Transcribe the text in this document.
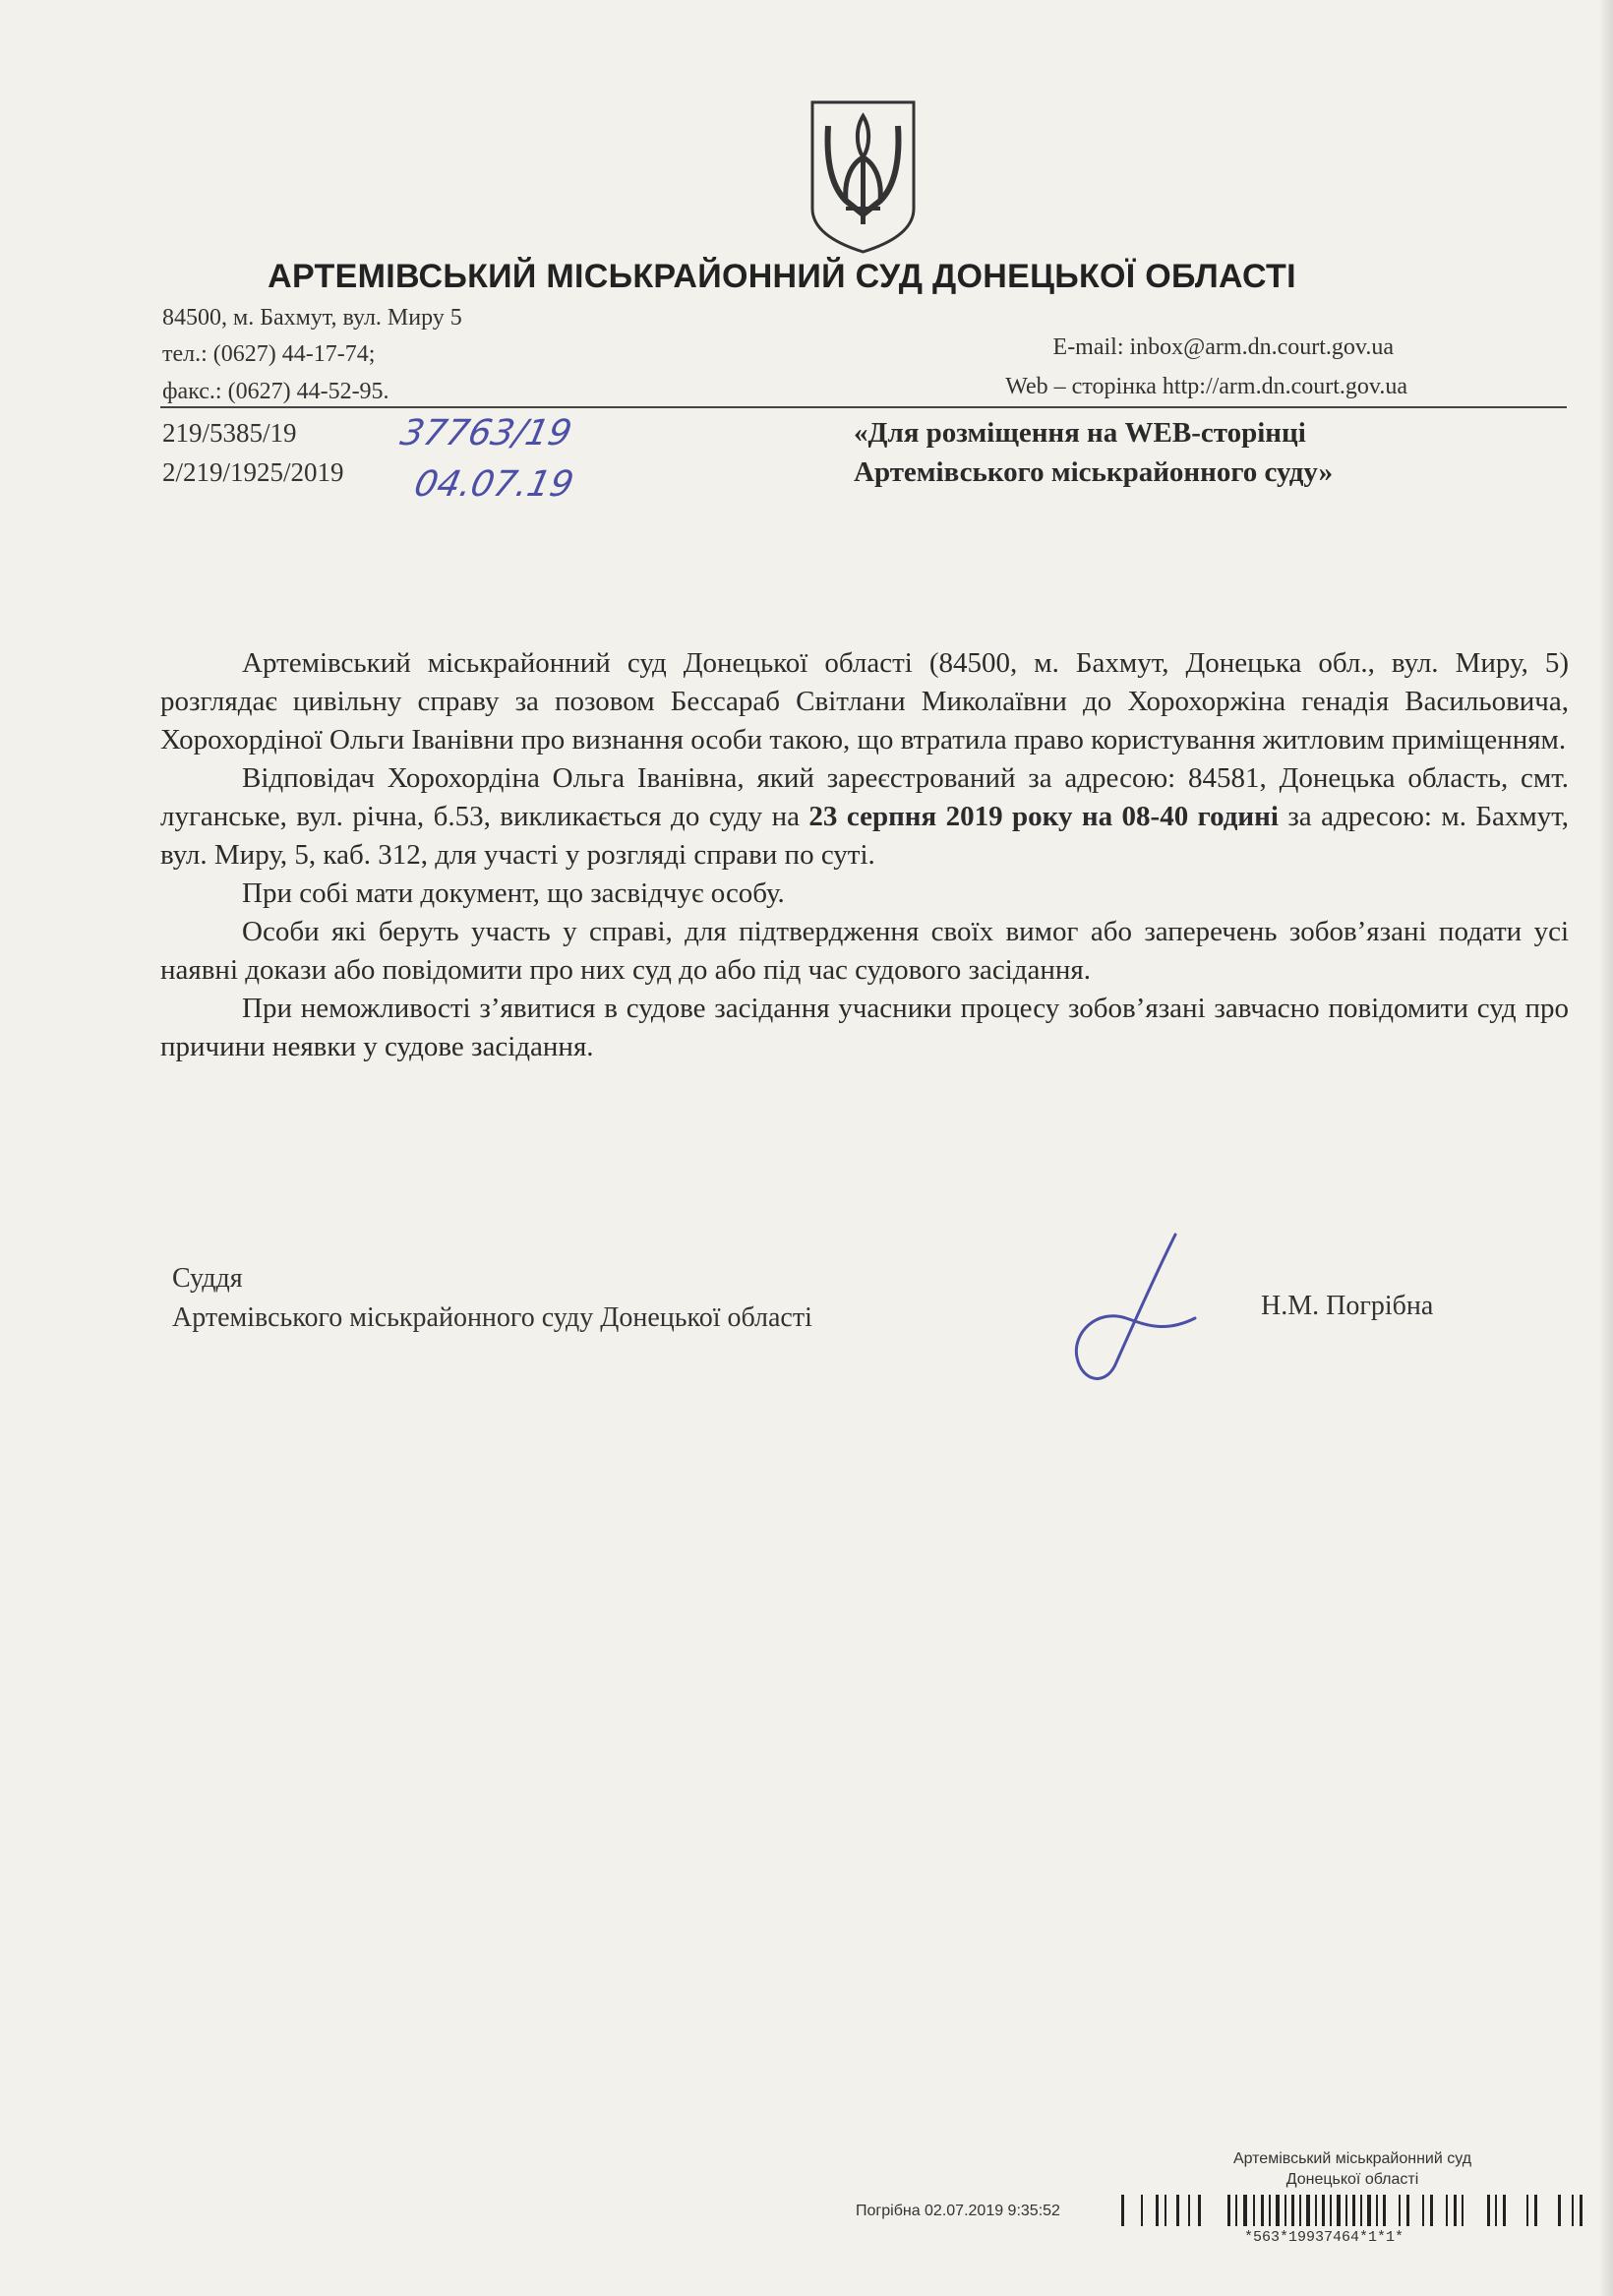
АРТЕМІВСЬКИЙ МІСЬКРАЙОННИЙ СУД ДОНЕЦЬКОЇ ОБЛАСТІ
84500, м. Бахмут, вул. Миру 5
тел.: (0627) 44-17-74;
факс.: (0627) 44-52-95.
E-mail: inbox@arm.dn.court.gov.ua
Web – сторінка http://arm.dn.court.gov.ua
219/5385/19
2/219/1925/2019
37763/19
04.07.19
«Для розміщення на WEB-сторінці
Артемівського міськрайонного суду»

Артемівський міськрайонний суд Донецької області (84500, м. Бахмут, Донецька обл., вул. Миру, 5) розглядає цивільну справу за позовом Бессараб Світлани Миколаївни до Хорохоржіна генадія Васильовича, Хорохордіної Ольги Іванівни про визнання особи такою, що втратила право користування житловим приміщенням.

Відповідач Хорохордіна Ольга Іванівна, який зареєстрований за адресою: 84581, Донецька область, смт. луганське, вул. річна, б.53, викликається до суду на 23 серпня 2019 року на 08-40 годині за адресою: м. Бахмут, вул. Миру, 5, каб. 312, для участі у розгляді справи по суті.

При собі мати документ, що засвідчує особу.

Особи які беруть участь у справі, для підтвердження своїх вимог або заперечень зобов’язані подати усі наявні докази або повідомити про них суд до або під час судового засідання.

При неможливості з’явитися в судове засідання учасники процесу зобов’язані завчасно повідомити суд про причини неявки у судове засідання.

Суддя
Артемівського міськрайонного суду Донецької області	Н.М. Погрібна
Артемівський міськрайонний суд
Донецької області
Погрібна 02.07.2019 9:35:52
*563*19937464*1*1*
